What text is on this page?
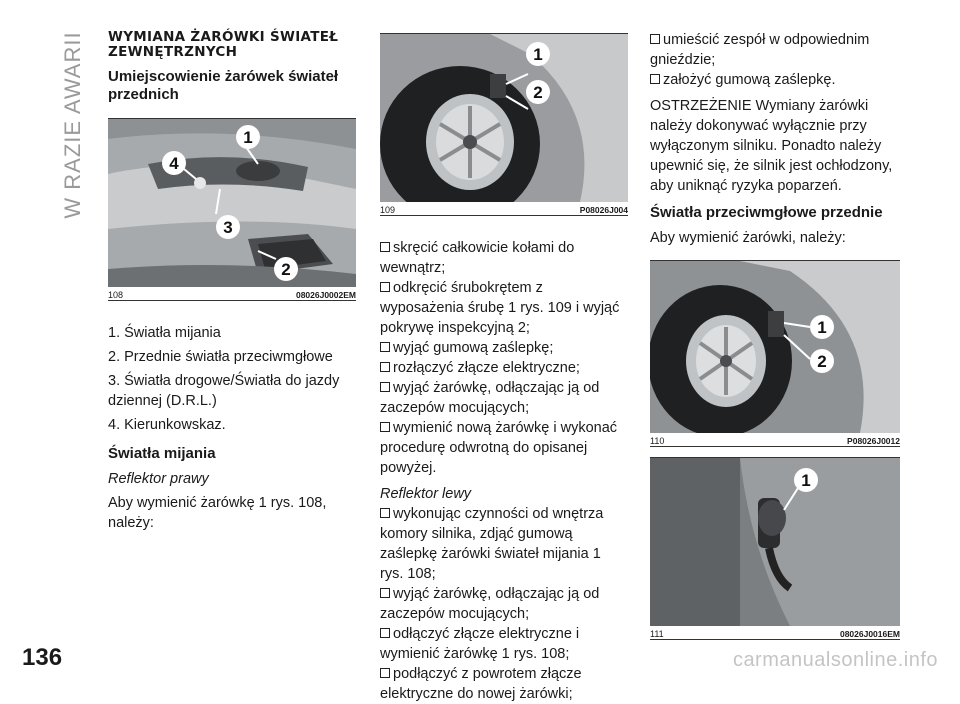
W RAZIE AWARII
136	carmanualsonline.info
WYMIANA ŻARÓWKI ŚWIATEŁ ZEWNĘTRZNYCH
Umiejscowienie żarówek świateł przednich
1
2
3
4
108	08026J0002EM

1. Światła mijania

2. Przednie światła przeciwmgłowe

3. Światła drogowe/Światła do jazdy dziennej (D.R.L.)

4. Kierunkowskaz.

Światła mijania

Reflektor prawy

Aby wymienić żarówkę 1 rys. 108, należy:

1
2
109	P08026J004

skręcić całkowicie kołami do wewnątrz;

odkręcić śrubokrętem z wyposażenia śrubę 1 rys. 109 i wyjąć pokrywę inspekcyjną 2;

wyjąć gumową zaślepkę;

rozłączyć złącze elektryczne;

wyjąć żarówkę, odłączając ją od zaczepów mocujących;

wymienić nową żarówkę i wykonać procedurę odwrotną do opisanej powyżej.

Reflektor lewy

wykonując czynności od wnętrza komory silnika, zdjąć gumową zaślepkę żarówki świateł mijania 1 rys. 108;

wyjąć żarówkę, odłączając ją od zaczepów mocujących;

odłączyć złącze elektryczne i wymienić żarówkę 1 rys. 108;

podłączyć z powrotem złącze elektryczne do nowej żarówki;

umieścić zespół w odpowiednim gnieździe;

założyć gumową zaślepkę.

OSTRZEŻENIE Wymiany żarówki należy dokonywać wyłącznie przy wyłączonym silniku. Ponadto należy upewnić się, że silnik jest ochłodzony, aby uniknąć ryzyka poparzeń.

Światła przeciwmgłowe przednie

Aby wymienić żarówki, należy:

1
2
110	P08026J0012
1
111	08026J0016EM
